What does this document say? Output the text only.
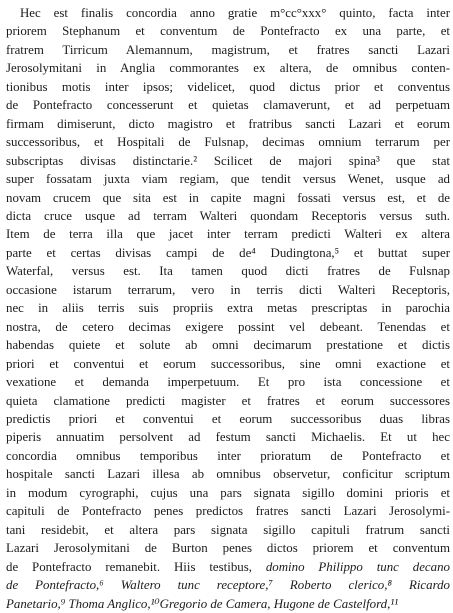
Hec est finalis concordia anno gratie m°cc°xxx° quinto, facta inter
priorem Stephanum et conventum de Pontefracto ex una parte, et
fratrem Tirricum Alemannum, magistrum, et fratres sancti Lazari
Jerosolymitani in Anglia commorantes ex altera, de omnibus conten-
tionibus motis inter ipsos; videlicet, quod dictus prior et conventus
de Pontefracto concesserunt et quietas clamaverunt, et ad perpetuam
firmam dimiserunt, dicto magistro et fratribus sancti Lazari et eorum
successoribus, et Hospitali de Fulsnap, decimas omnium terrarum per
subscriptas divisas distinctarie.² Scilicet de majori spina³ que stat
super fossatam juxta viam regiam, que tendit versus Wenet, usque ad
novam crucem que sita est in capite magni fossati versus est, et de
dicta cruce usque ad terram Walteri quondam Receptoris versus suth.
Item de terra illa que jacet inter terram predicti Walteri ex altera
parte et certas divisas campi de de⁴ Dudingtona,⁵ et buttat super
Waterfal, versus est. Ita tamen quod dicti fratres de Fulsnap
occasione istarum terrarum, vero in terris dicti Walteri Receptoris,
nec in aliis terris suis propriis extra metas prescriptas in parochia
nostra, de cetero decimas exigere possint vel debeant. Tenendas et
habendas quiete et solute ab omni decimarum prestatione et dictis
priori et conventui et eorum successoribus, sine omni exactione et
vexatione et demanda imperpetuum. Et pro ista concessione et
quieta clamatione predicti magister et fratres et eorum successores
predictis priori et conventui et eorum successoribus duas libras
piperis annuatim persolvent ad festum sancti Michaelis. Et ut hec
concordia omnibus temporibus inter prioratum de Pontefracto et
hospitale sancti Lazari illesa ab omnibus observetur, conficitur scriptum
in modum cyrographi, cujus una pars signata sigillo domini prioris et
capituli de Pontefracto penes predictos fratres sancti Lazari Jerosolymi-
tani residebit, et altera pars signata sigillo capituli fratrum sancti
Lazari Jerosolymitani de Burton penes dictos priorem et conventum
de Pontefracto remanebit. Hiis testibus, domino Philippo tunc decano
de Pontefracto,⁶ Waltero tunc receptore,⁷ Roberto clerico,⁸ Ricardo
Panetario,⁹ Thoma Anglico,¹⁰Gregorio de Camera, Hugone de Castelford,¹¹
